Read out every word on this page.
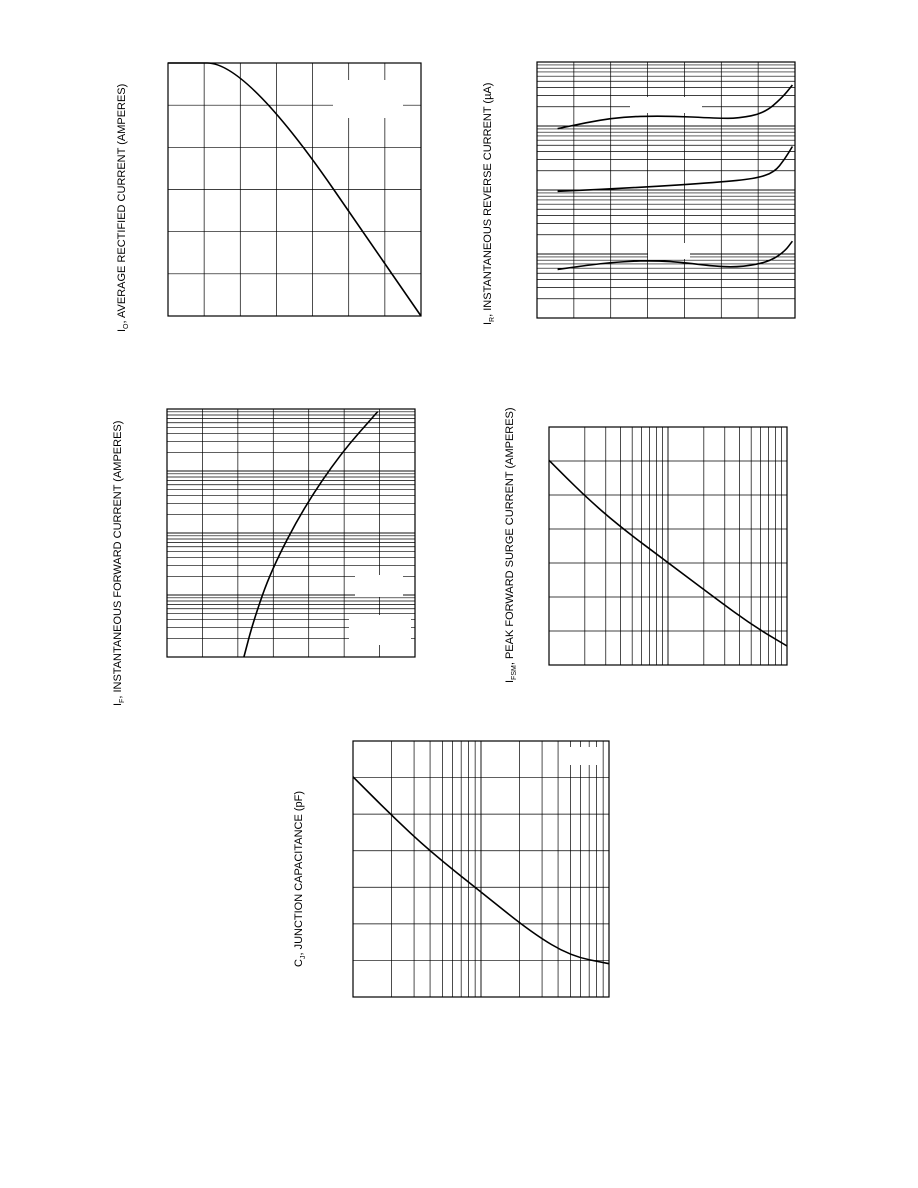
$I_O$, AVERAGE RECTIFIED CURRENT (AMPERES)	$I_R$, INSTANTANEOUS REVERSE CURRENT (µA)
$I_F$, INSTANTANEOUS FORWARD CURRENT (AMPERES)	$I_{FSM}$, PEAK FORWARD SURGE CURRENT (AMPERES)
$C_J$, JUNCTION CAPACITANCE (pF)
